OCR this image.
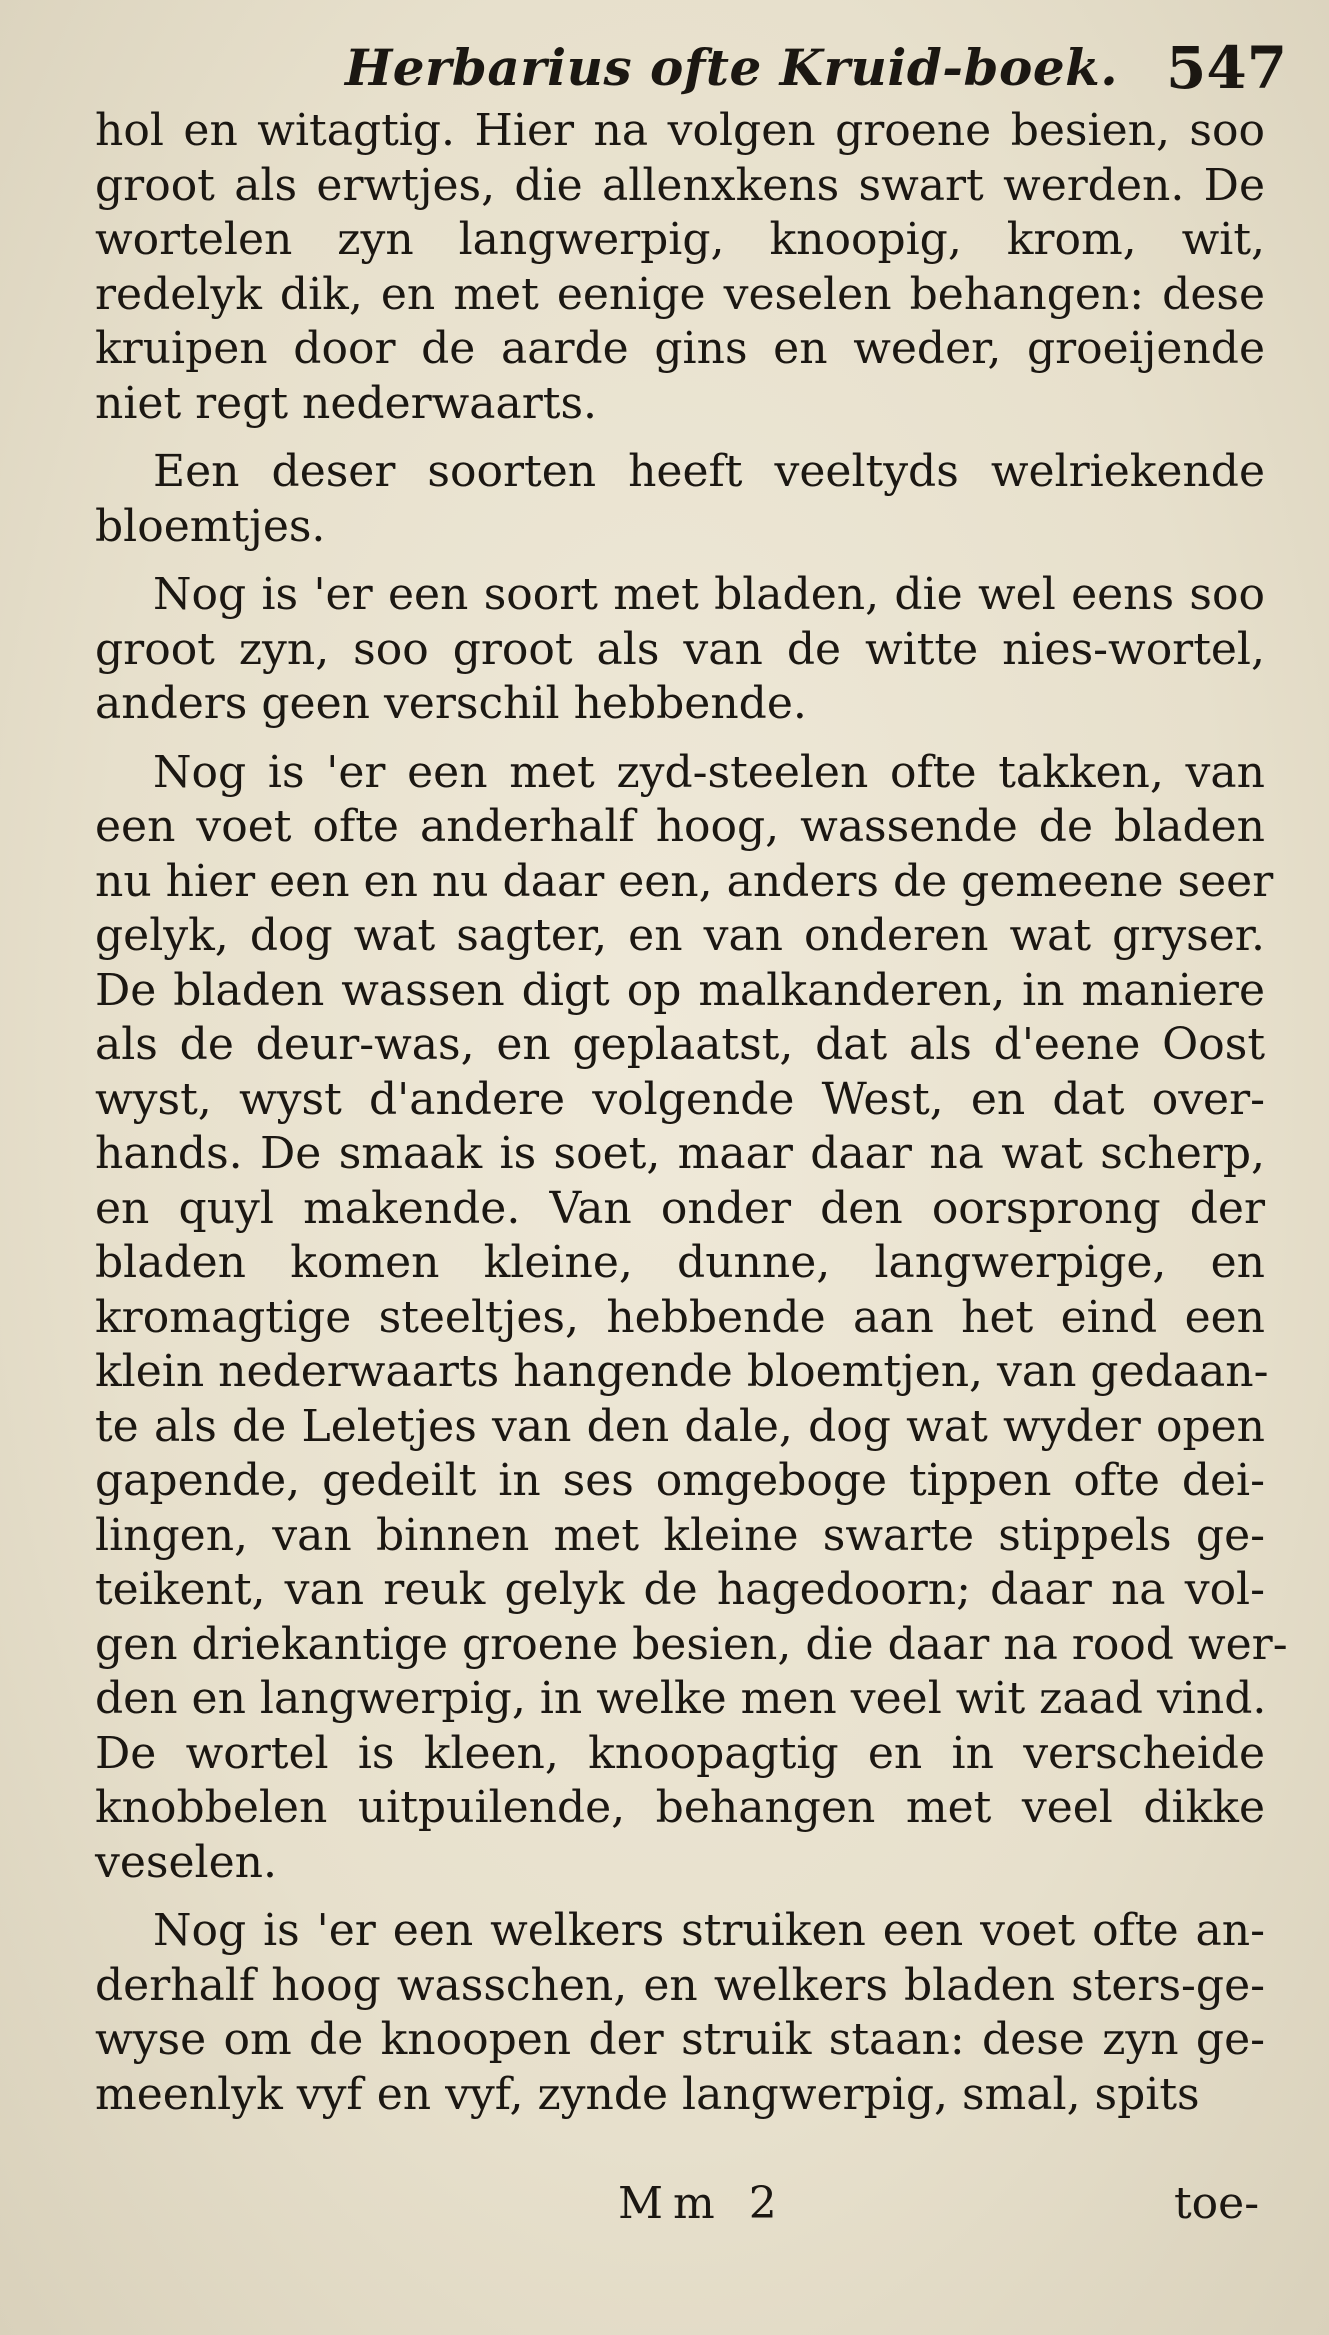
Herbarius ofte Kruid-boek. 547
hol en witagtig. Hier na volgen groene besien, soo
groot als erwtjes, die allenxkens swart werden. De
wortelen zyn langwerpig, knoopig, krom, wit,
redelyk dik, en met eenige veselen behangen: dese
kruipen door de aarde gins en weder, groeijende
niet regt nederwaarts.
Een deser soorten heeft veeltyds welriekende
bloemtjes.
Nog is 'er een soort met bladen, die wel eens soo
groot zyn, soo groot als van de witte nies-wortel,
anders geen verschil hebbende.
Nog is 'er een met zyd-steelen ofte takken, van
een voet ofte anderhalf hoog, wassende de bladen
nu hier een en nu daar een, anders de gemeene seer
gelyk, dog wat sagter, en van onderen wat gryser.
De bladen wassen digt op malkanderen, in maniere
als de deur-was, en geplaatst, dat als d'eene Oost
wyst, wyst d'andere volgende West, en dat over-
hands. De smaak is soet, maar daar na wat scherp,
en quyl makende. Van onder den oorsprong der
bladen komen kleine, dunne, langwerpige, en
kromagtige steeltjes, hebbende aan het eind een
klein nederwaarts hangende bloemtjen, van gedaan-
te als de Leletjes van den dale, dog wat wyder open
gapende, gedeilt in ses omgeboge tippen ofte dei-
lingen, van binnen met kleine swarte stippels ge-
teikent, van reuk gelyk de hagedoorn; daar na vol-
gen driekantige groene besien, die daar na rood wer-
den en langwerpig, in welke men veel wit zaad vind.
De wortel is kleen, knoopagtig en in verscheide
knobbelen uitpuilende, behangen met veel dikke
veselen.
Nog is 'er een welkers struiken een voet ofte an-
derhalf hoog wasschen, en welkers bladen sters-ge-
wyse om de knoopen der struik staan: dese zyn ge-
meenlyk vyf en vyf, zynde langwerpig, smal, spits
Mm 2	toe-
